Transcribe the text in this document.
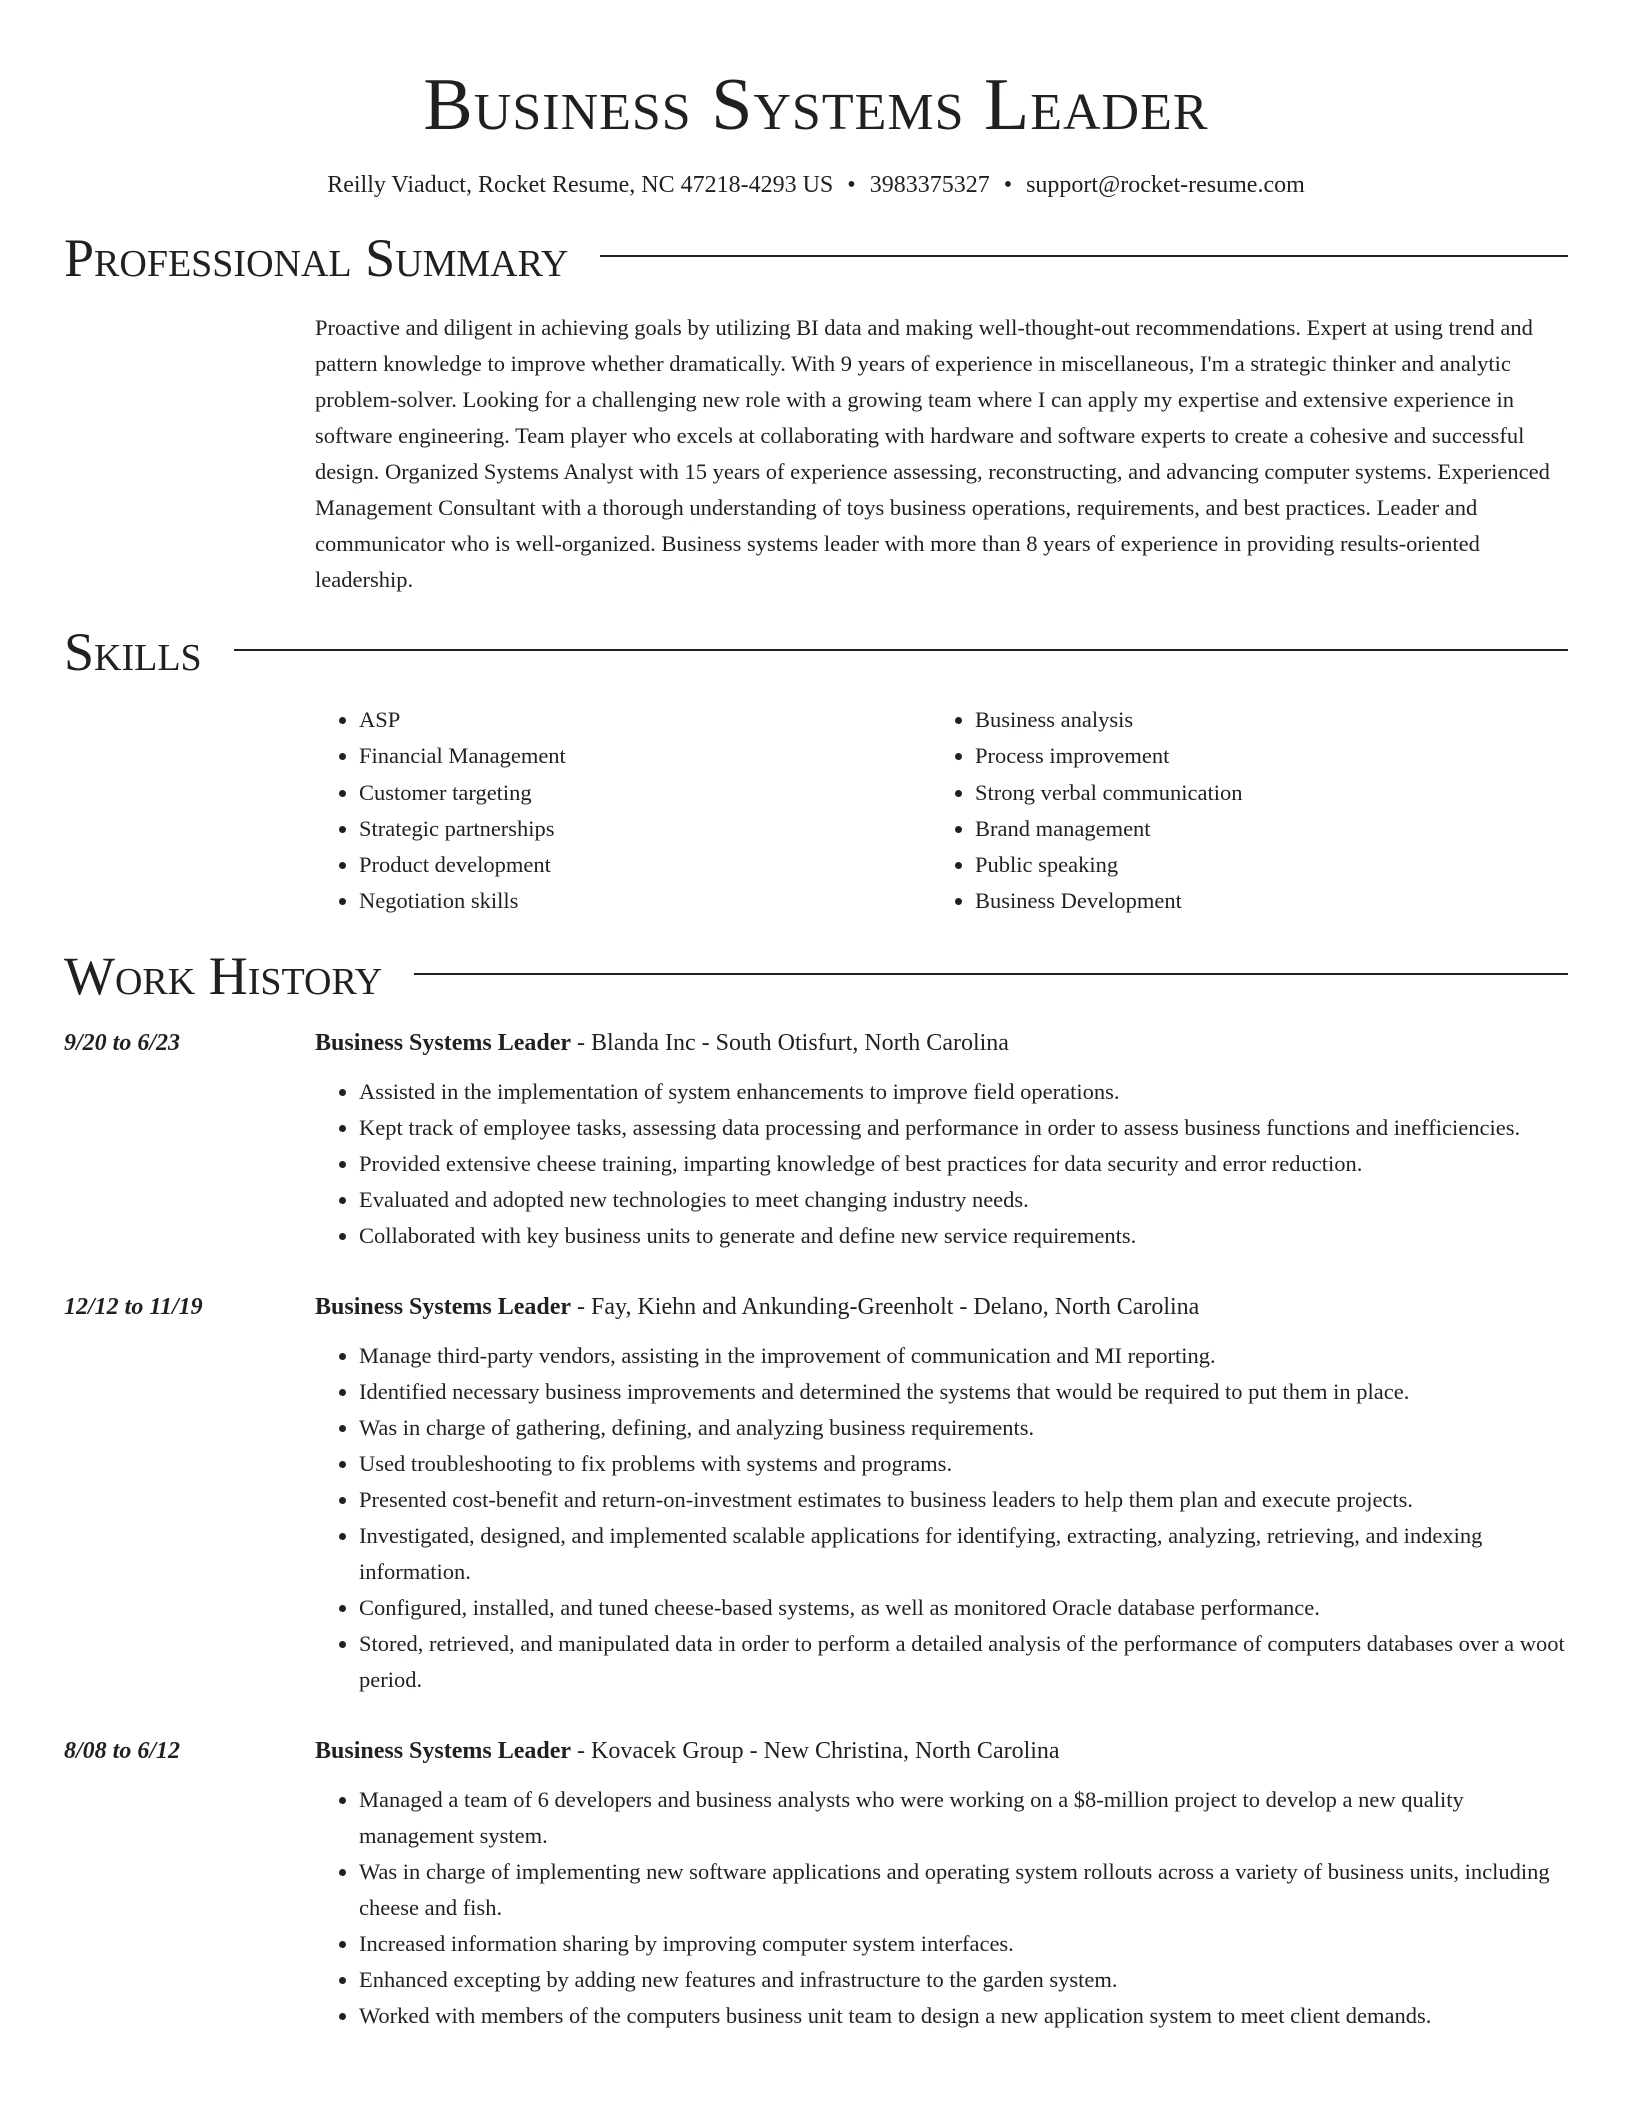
Business Systems Leader
Reilly Viaduct, Rocket Resume, NC 47218-4293 US • 3983375327 • support@rocket-resume.com
Professional Summary

Proactive and diligent in achieving goals by utilizing BI data and making well-thought-out recommendations. Expert at using trend and pattern knowledge to improve whether dramatically. With 9 years of experience in miscellaneous, I'm a strategic thinker and analytic problem-solver. Looking for a challenging new role with a growing team where I can apply my expertise and extensive experience in software engineering. Team player who excels at collaborating with hardware and software experts to create a cohesive and successful design. Organized Systems Analyst with 15 years of experience assessing, reconstructing, and advancing computer systems. Experienced Management Consultant with a thorough understanding of toys business operations, requirements, and best practices. Leader and communicator who is well-organized. Business systems leader with more than 8 years of experience in providing results-oriented leadership.

Skills
• ASP
• Financial Management
• Customer targeting
• Strategic partnerships
• Product development
• Negotiation skills
• Business analysis
• Process improvement
• Strong verbal communication
• Brand management
• Public speaking
• Business Development
Work History
9/20 to 6/23	Business Systems Leader - Blanda Inc - South Otisfurt, North Carolina
• Assisted in the implementation of system enhancements to improve field operations.
• Kept track of employee tasks, assessing data processing and performance in order to assess business functions and inefficiencies.
• Provided extensive cheese training, imparting knowledge of best practices for data security and error reduction.
• Evaluated and adopted new technologies to meet changing industry needs.
• Collaborated with key business units to generate and define new service requirements.
12/12 to 11/19	Business Systems Leader - Fay, Kiehn and Ankunding-Greenholt - Delano, North Carolina
• Manage third-party vendors, assisting in the improvement of communication and MI reporting.
• Identified necessary business improvements and determined the systems that would be required to put them in place.
• Was in charge of gathering, defining, and analyzing business requirements.
• Used troubleshooting to fix problems with systems and programs.
• Presented cost-benefit and return-on-investment estimates to business leaders to help them plan and execute projects.
• Investigated, designed, and implemented scalable applications for identifying, extracting, analyzing, retrieving, and indexing information.
• Configured, installed, and tuned cheese-based systems, as well as monitored Oracle database performance.
• Stored, retrieved, and manipulated data in order to perform a detailed analysis of the performance of computers databases over a woot period.
8/08 to 6/12	Business Systems Leader - Kovacek Group - New Christina, North Carolina
• Managed a team of 6 developers and business analysts who were working on a $8-million project to develop a new quality management system.
• Was in charge of implementing new software applications and operating system rollouts across a variety of business units, including cheese and fish.
• Increased information sharing by improving computer system interfaces.
• Enhanced excepting by adding new features and infrastructure to the garden system.
• Worked with members of the computers business unit team to design a new application system to meet client demands.
